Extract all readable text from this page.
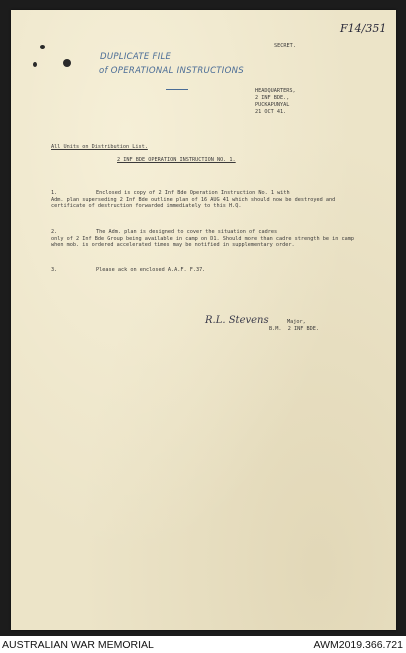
F14/351
SECRET.
DUPLICATE FILE
of OPERATIONAL INSTRUCTIONS
HEADQUARTERS,
2 INF BDE.,
PUCKAPUNYAL
21 OCT 41.
All Units on Distribution List.
2 INF BDE OPERATION INSTRUCTION NO. 1.
1.	Enclosed is copy of 2 Inf Bde Operation Instruction No. 1 with
Adm. plan superseding 2 Inf Bde outline plan of 16 AUG 41 which should now be destroyed and certificate of destruction forwarded immediately to this H.Q.
2.	The Adm. plan is designed to cover the situation of cadres
only of 2 Inf Bde Group being available in camp on D1. Should more than cadre strength be in camp when mob. is ordered accelerated times may be notified in supplementary order.
3.	Please ack on enclosed A.A.F. F.37.
R.L. Stevens	Major,
B.M.  2 INF BDE.
AUSTRALIAN WAR MEMORIAL	AWM2019.366.721
